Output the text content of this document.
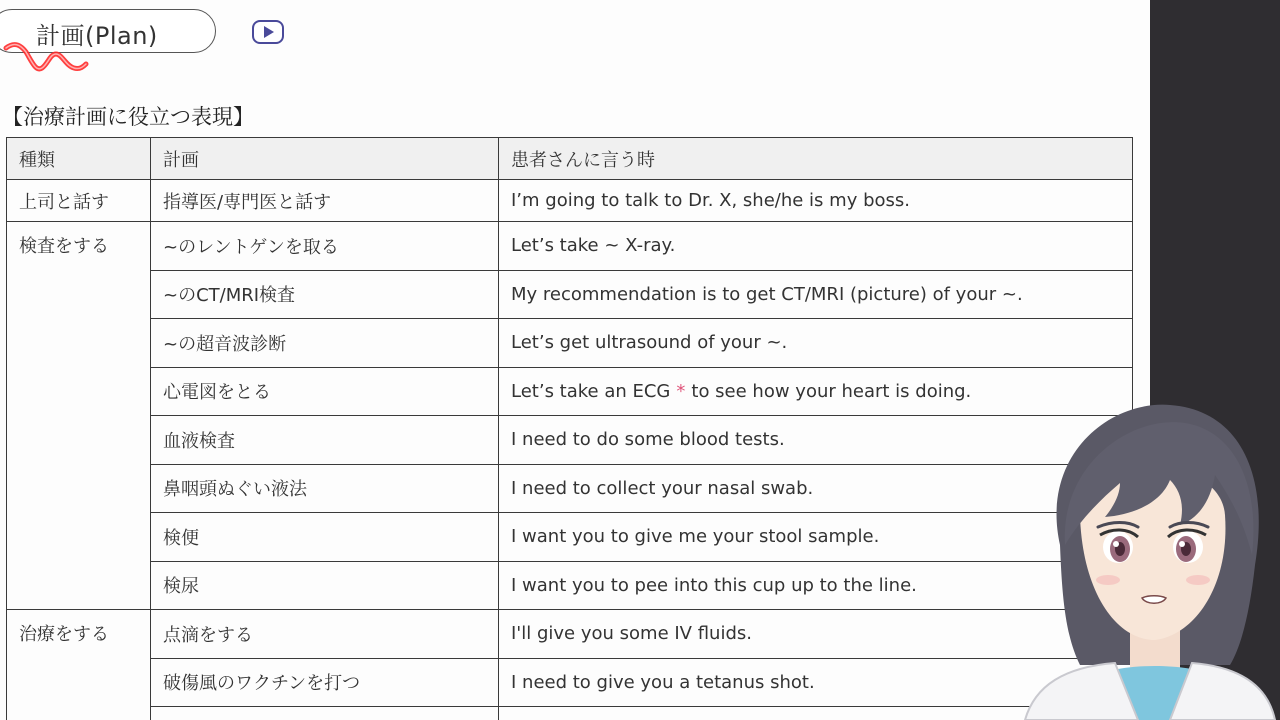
計画(Plan)
【治療計画に役立つ表現】
種類	計画	患者さんに言う時
上司と話す	指導医/専門医と話す	I’m going to talk to Dr. X, she/he is my boss.
検査をする	~のレントゲンを取る	Let’s take ~ X-ray.
	~のCT/MRI検査	My recommendation is to get CT/MRI (picture) of your ~.
	~の超音波診断	Let’s get ultrasound of your ~.
	心電図をとる	Let’s take an ECG * to see how your heart is doing.
	血液検査	I need to do some blood tests.
	鼻咽頭ぬぐい液法	I need to collect your nasal swab.
	検便	I want you to give me your stool sample.
	検尿	I want you to pee into this cup up to the line.
治療をする	点滴をする	I'll give you some IV fluids.
	破傷風のワクチンを打つ	I need to give you a tetanus shot.
